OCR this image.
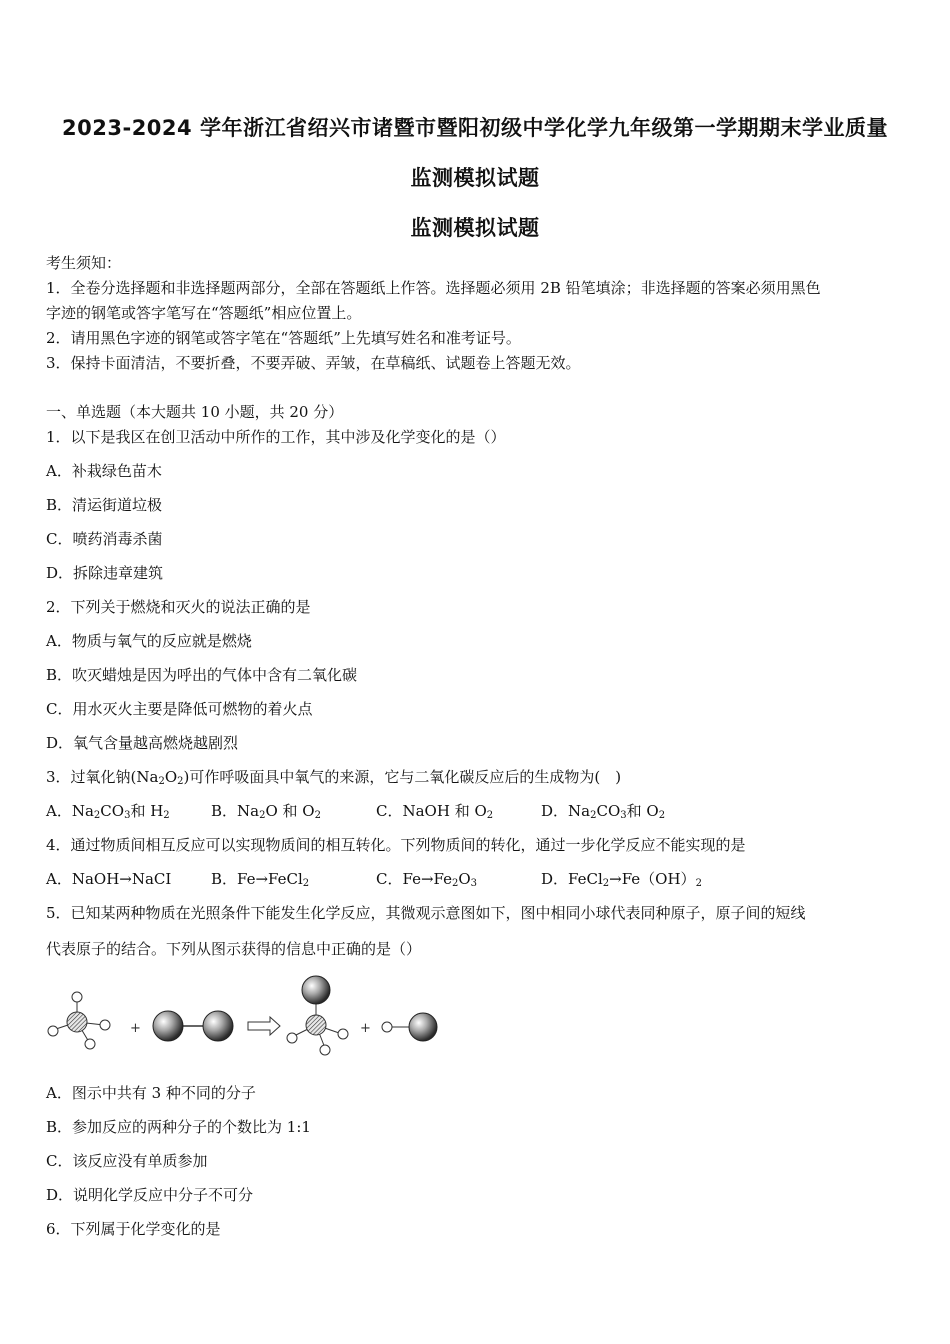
2023-2024 学年浙江省绍兴市诸暨市暨阳初级中学化学九年级第一学期期末学业质量
监测模拟试题
监测模拟试题
考生须知：
1．全卷分选择题和非选择题两部分，全部在答题纸上作答。选择题必须用 2B 铅笔填涂；非选择题的答案必须用黑色
字迹的钢笔或答字笔写在“答题纸”相应位置上。
2．请用黑色字迹的钢笔或答字笔在“答题纸”上先填写姓名和准考证号。
3．保持卡面清洁，不要折叠，不要弄破、弄皱，在草稿纸、试题卷上答题无效。
一、单选题（本大题共 10 小题，共 20 分）
1．以下是我区在创卫活动中所作的工作，其中涉及化学变化的是（）
A．补栽绿色苗木
B．清运街道垃极
C．喷药消毒杀菌
D．拆除违章建筑
2．下列关于燃烧和灭火的说法正确的是
A．物质与氧气的反应就是燃烧
B．吹灭蜡烛是因为呼出的气体中含有二氧化碳
C．用水灭火主要是降低可燃物的着火点
D．氧气含量越高燃烧越剧烈
3．过氧化钠$(Na_2O_2)$可作呼吸面具中氧气的来源，它与二氧化碳反应后的生成物为(　)
A．$Na_2CO_3$和 $H_2$	B．$Na_2O$ 和 $O_2$	C．NaOH 和 $O_2$	D．$Na_2CO_3$和 $O_2$
4．通过物质间相互反应可以实现物质间的相互转化。下列物质间的转化，通过一步化学反应不能实现的是
A．NaOH→NaCI	B．Fe→FeCl$_2$	C．$Fe\to Fe_2O_3$	D．$FeCl_2\to Fe(OH)_2$
5．已知某两种物质在光照条件下能发生化学反应，其微观示意图如下，图中相同小球代表同种原子，原子间的短线
代表原子的结合。下列从图示获得的信息中正确的是（）
+	+
A．图示中共有 3 种不同的分子
B．参加反应的两种分子的个数比为 1:1
C．该反应没有单质参加
D．说明化学反应中分子不可分
6．下列属于化学变化的是
